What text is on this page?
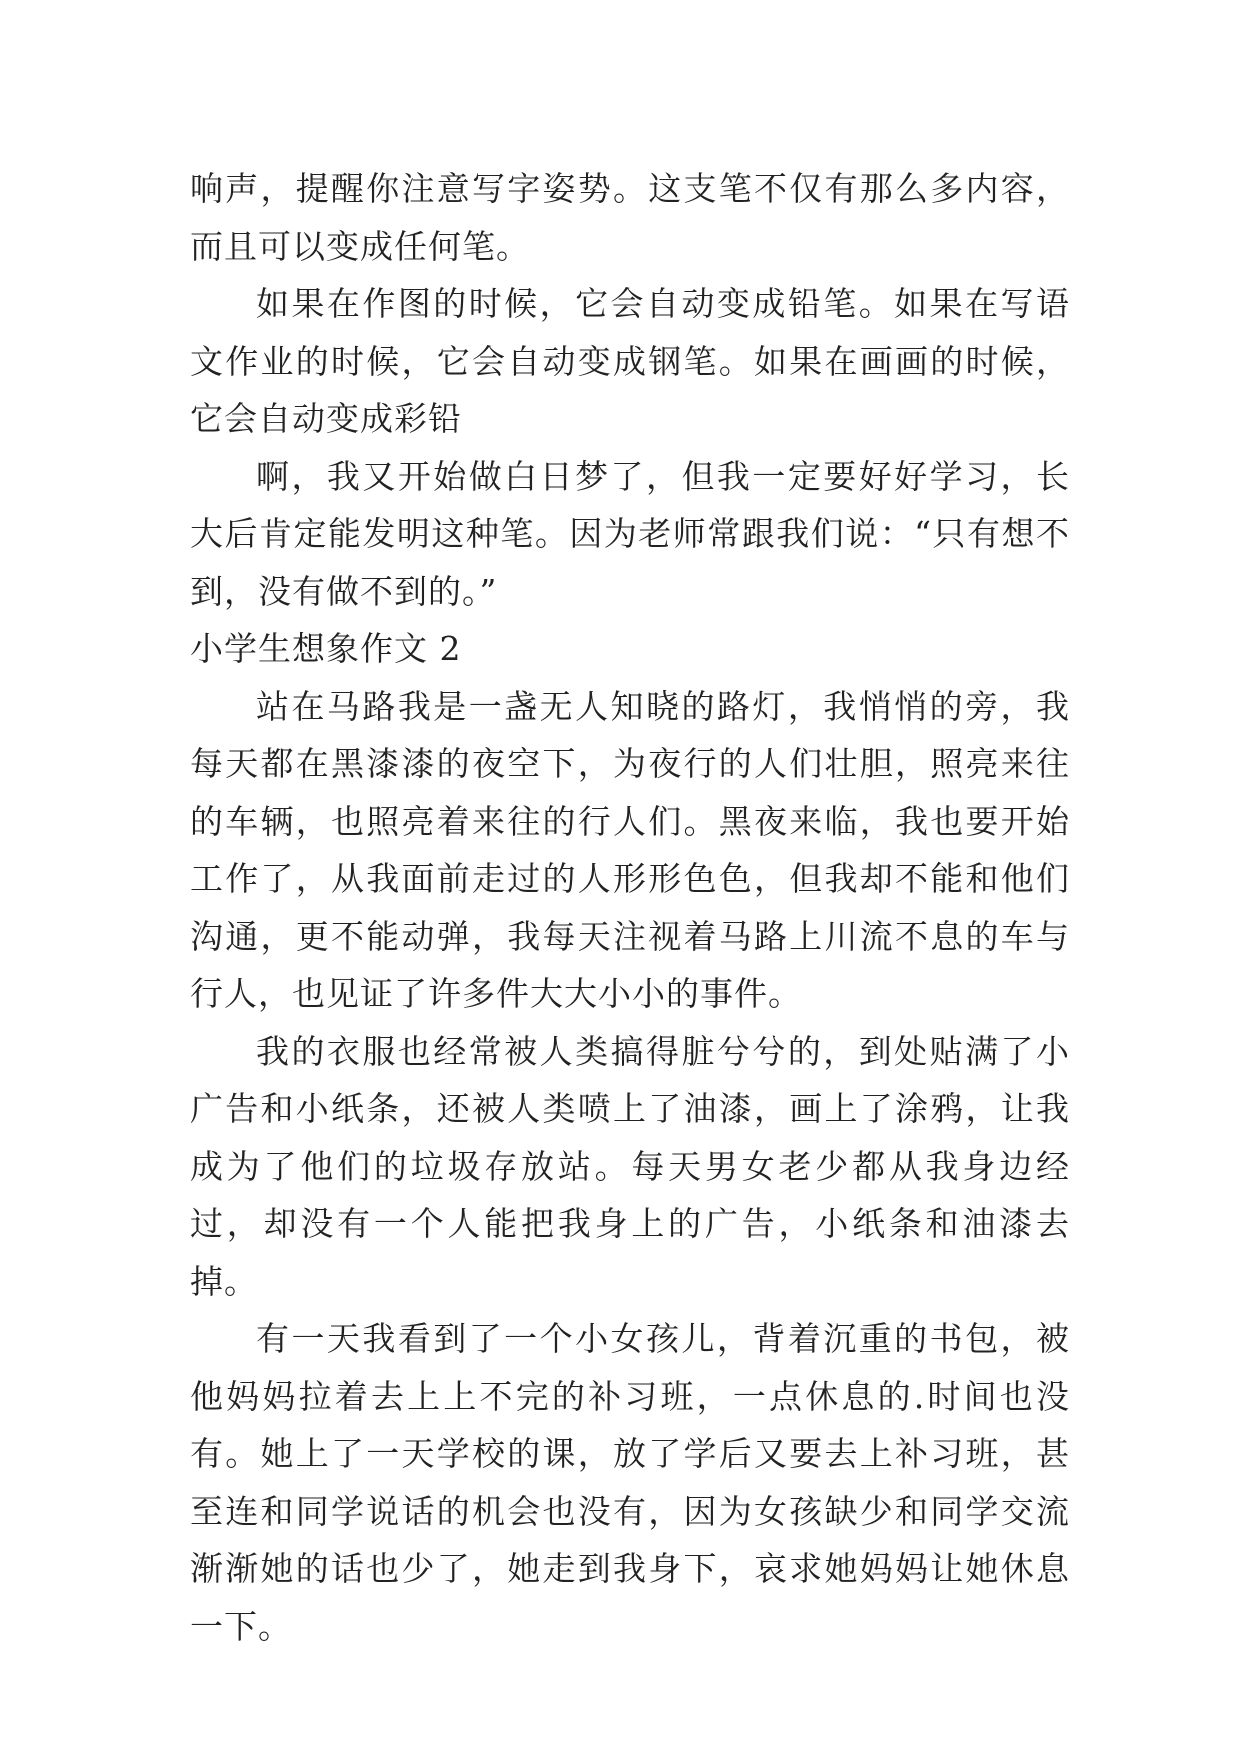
响声，提醒你注意写字姿势。这支笔不仅有那么多内容，而且可以变成任何笔。

如果在作图的时候，它会自动变成铅笔。如果在写语文作业的时候，它会自动变成钢笔。如果在画画的时候，它会自动变成彩铅

啊，我又开始做白日梦了，但我一定要好好学习，长大后肯定能发明这种笔。因为老师常跟我们说：“只有想不到，没有做不到的。”

小学生想象作文 2

站在马路我是一盏无人知晓的路灯，我悄悄的旁，我每天都在黑漆漆的夜空下，为夜行的人们壮胆，照亮来往的车辆，也照亮着来往的行人们。黑夜来临，我也要开始工作了，从我面前走过的人形形色色，但我却不能和他们沟通，更不能动弹，我每天注视着马路上川流不息的车与行人，也见证了许多件大大小小的事件。

我的衣服也经常被人类搞得脏兮兮的，到处贴满了小广告和小纸条，还被人类喷上了油漆，画上了涂鸦，让我成为了他们的垃圾存放站。每天男女老少都从我身边经过，却没有一个人能把我身上的广告，小纸条和油漆去掉。

有一天我看到了一个小女孩儿，背着沉重的书包，被他妈妈拉着去上上不完的补习班，一点休息的.时间也没有。她上了一天学校的课，放了学后又要去上补习班，甚至连和同学说话的机会也没有，因为女孩缺少和同学交流渐渐她的话也少了，她走到我身下，哀求她妈妈让她休息一下。
